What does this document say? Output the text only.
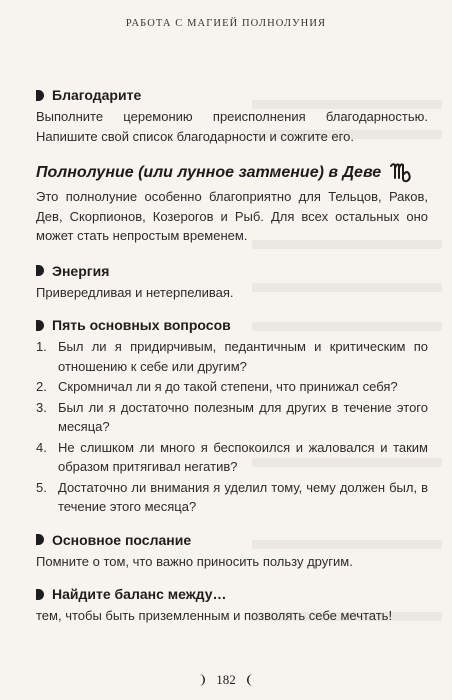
РАБОТА С МАГИЕЙ ПОЛНОЛУНИЯ
Благодарите

Выполните церемонию преисполнения благодарностью. Напишите свой список благодарности и сожгите его.

Полнолуние (или лунное затмение) в Деве

Это полнолуние особенно благоприятно для Тельцов, Раков, Дев, Скорпионов, Козерогов и Рыб. Для всех остальных оно может стать непростым временем.

Энергия

Привередливая и нетерпеливая.

Пять основных вопросов
1. Был ли я придирчивым, педантичным и критическим по отношению к себе или другим?
2. Скромничал ли я до такой степени, что принижал себя?
3. Был ли я достаточно полезным для других в течение этого месяца?
4. Не слишком ли много я беспокоился и жаловался и таким образом притягивал негатив?
5. Достаточно ли внимания я уделил тому, чему должен был, в течение этого месяца?
Основное послание

Помните о том, что важно приносить пользу другим.

Найдите баланс между…

тем, чтобы быть приземленным и позволять себе мечтать!

182
